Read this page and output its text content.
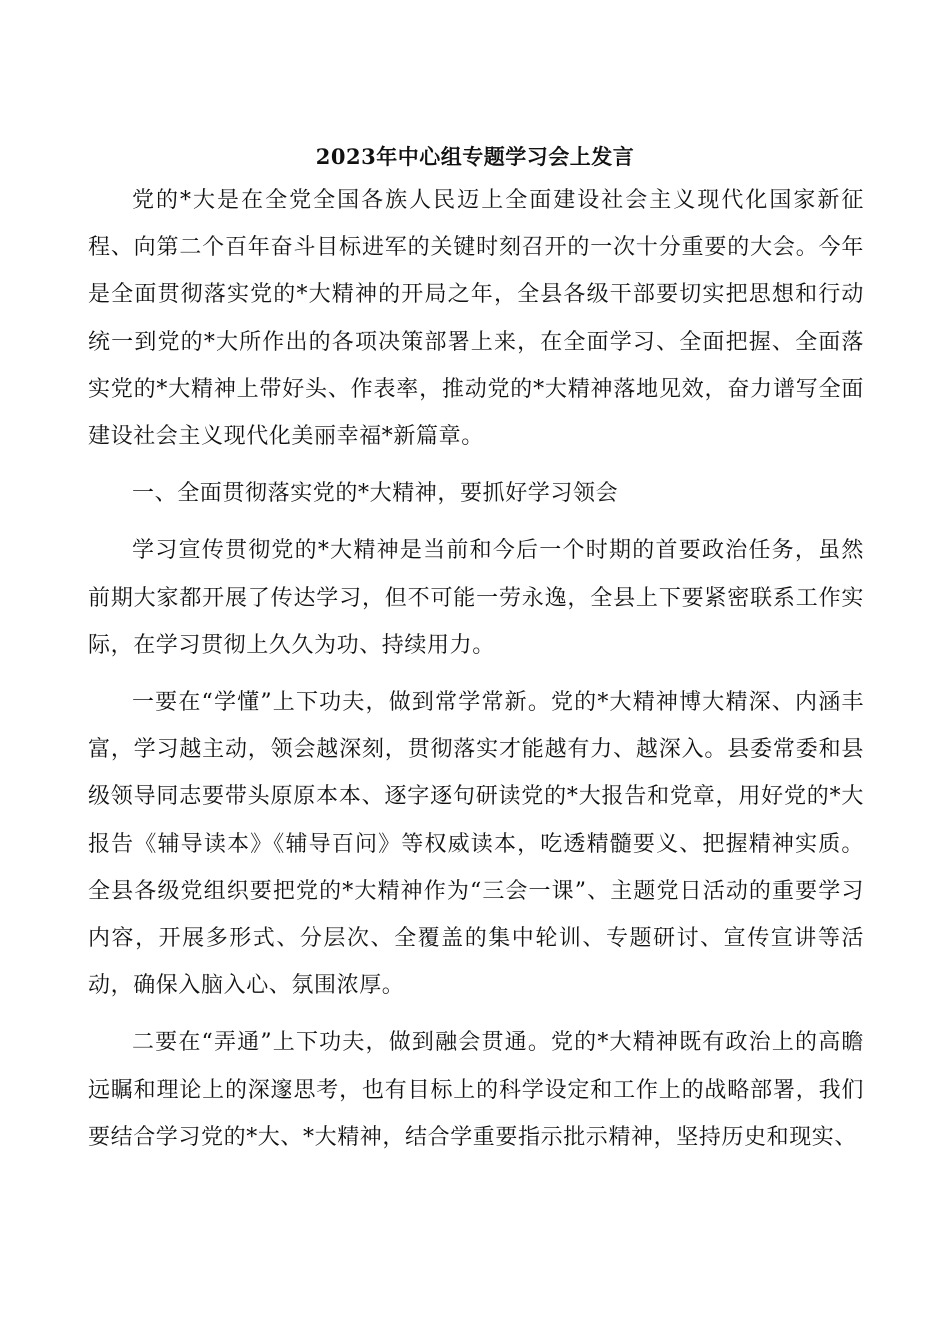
2023年中心组专题学习会上发言

党的*大是在全党全国各族人民迈上全面建设社会主义现代化国家新征程、向第二个百年奋斗目标进军的关键时刻召开的一次十分重要的大会。今年是全面贯彻落实党的*大精神的开局之年，全县各级干部要切实把思想和行动统一到党的*大所作出的各项决策部署上来，在全面学习、全面把握、全面落实党的*大精神上带好头、作表率，推动党的*大精神落地见效，奋力谱写全面建设社会主义现代化美丽幸福*新篇章。

一、全面贯彻落实党的*大精神，要抓好学习领会

学习宣传贯彻党的*大精神是当前和今后一个时期的首要政治任务，虽然前期大家都开展了传达学习，但不可能一劳永逸，全县上下要紧密联系工作实际，在学习贯彻上久久为功、持续用力。

一要在“学懂”上下功夫，做到常学常新。党的*大精神博大精深、内涵丰富，学习越主动，领会越深刻，贯彻落实才能越有力、越深入。县委常委和县级领导同志要带头原原本本、逐字逐句研读党的*大报告和党章，用好党的*大报告《辅导读本》《辅导百问》等权威读本，吃透精髓要义、把握精神实质。全县各级党组织要把党的*大精神作为“三会一课”、主题党日活动的重要学习内容，开展多形式、分层次、全覆盖的集中轮训、专题研讨、宣传宣讲等活动，确保入脑入心、氛围浓厚。

二要在“弄通”上下功夫，做到融会贯通。党的*大精神既有政治上的高瞻远瞩和理论上的深邃思考，也有目标上的科学设定和工作上的战略部署，我们要结合学习党的*大、*大精神，结合学重要指示批示精神，坚持历史和现实、
